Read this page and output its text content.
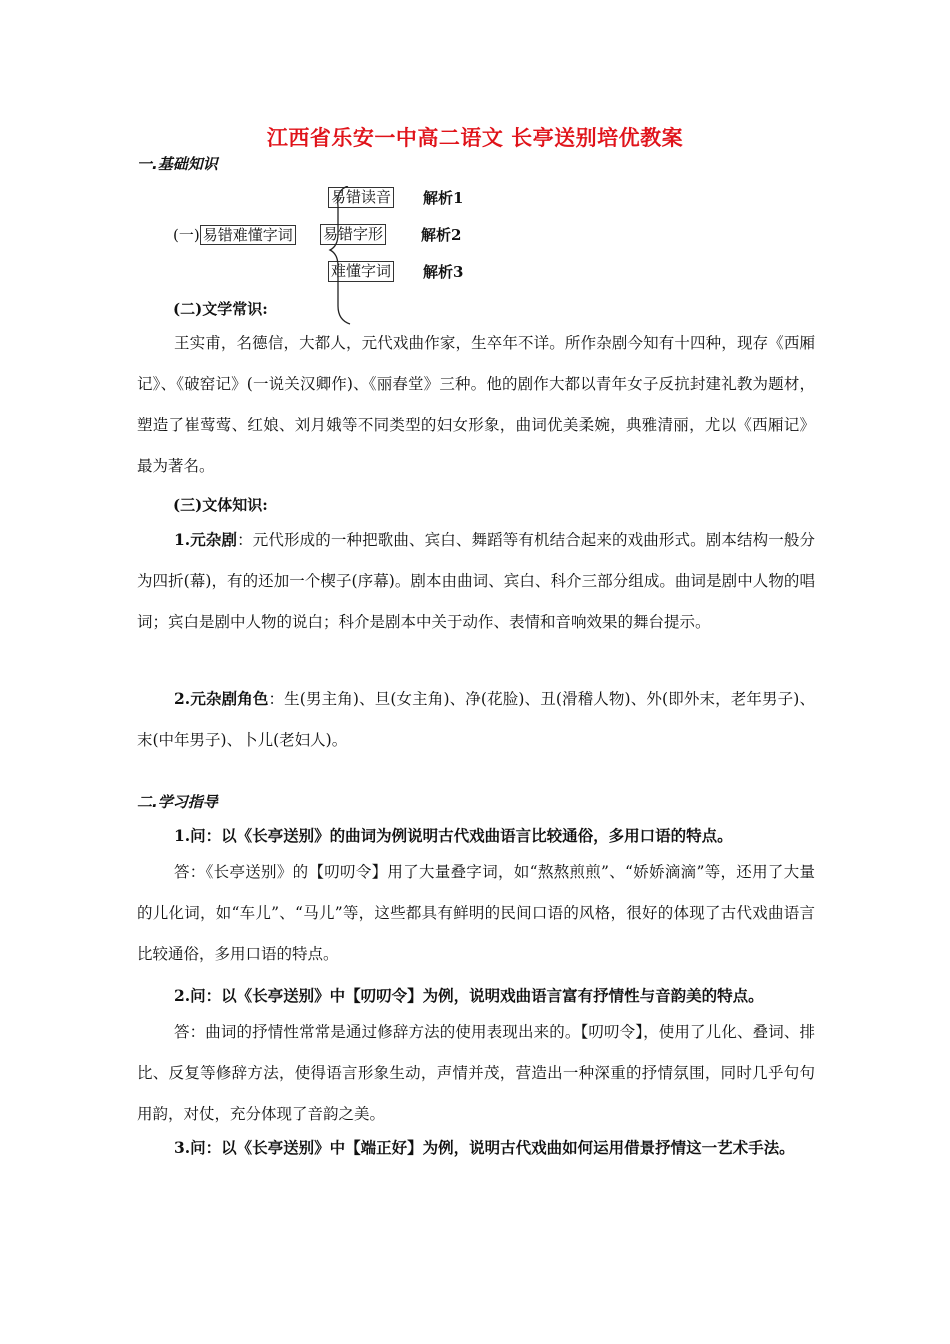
江西省乐安一中高二语文 长亭送别培优教案
一.基础知识
易错读音 解析1
(一) 易错难懂字词 易错字形	解析2
难懂字词 解析3
(二)文学常识:
王实甫，名德信，大都人，元代戏曲作家，生卒年不详。所作杂剧今知有十四种，现存《西厢记》、《破窑记》(一说关汉卿作)、《丽春堂》三种。他的剧作大都以青年女子反抗封建礼教为题材，塑造了崔莺莺、红娘、刘月娥等不同类型的妇女形象，曲词优美柔婉，典雅清丽，尤以《西厢记》最为著名。
(三)文体知识:
1.元杂剧：元代形成的一种把歌曲、宾白、舞蹈等有机结合起来的戏曲形式。剧本结构一般分为四折(幕)，有的还加一个楔子(序幕)。剧本由曲词、宾白、科介三部分组成。曲词是剧中人物的唱词；宾白是剧中人物的说白；科介是剧本中关于动作、表情和音响效果的舞台提示。
2.元杂剧角色：生(男主角)、旦(女主角)、净(花脸)、丑(滑稽人物)、外(即外末，老年男子)、末(中年男子)、卜儿(老妇人)。
二.学习指导
1.问：以《长亭送别》的曲词为例说明古代戏曲语言比较通俗，多用口语的特点。
答：《长亭送别》的【叨叨令】用了大量叠字词，如“熬熬煎煎”、“娇娇滴滴”等，还用了大量的儿化词，如“车儿”、“马儿”等，这些都具有鲜明的民间口语的风格，很好的体现了古代戏曲语言比较通俗，多用口语的特点。
2.问：以《长亭送别》中【叨叨令】为例，说明戏曲语言富有抒情性与音韵美的特点。
答：曲词的抒情性常常是通过修辞方法的使用表现出来的。【叨叨令】，使用了儿化、叠词、排比、反复等修辞方法，使得语言形象生动，声情并茂，营造出一种深重的抒情氛围，同时几乎句句用韵，对仗，充分体现了音韵之美。
3.问：以《长亭送别》中【端正好】为例，说明古代戏曲如何运用借景抒情这一艺术手法。
